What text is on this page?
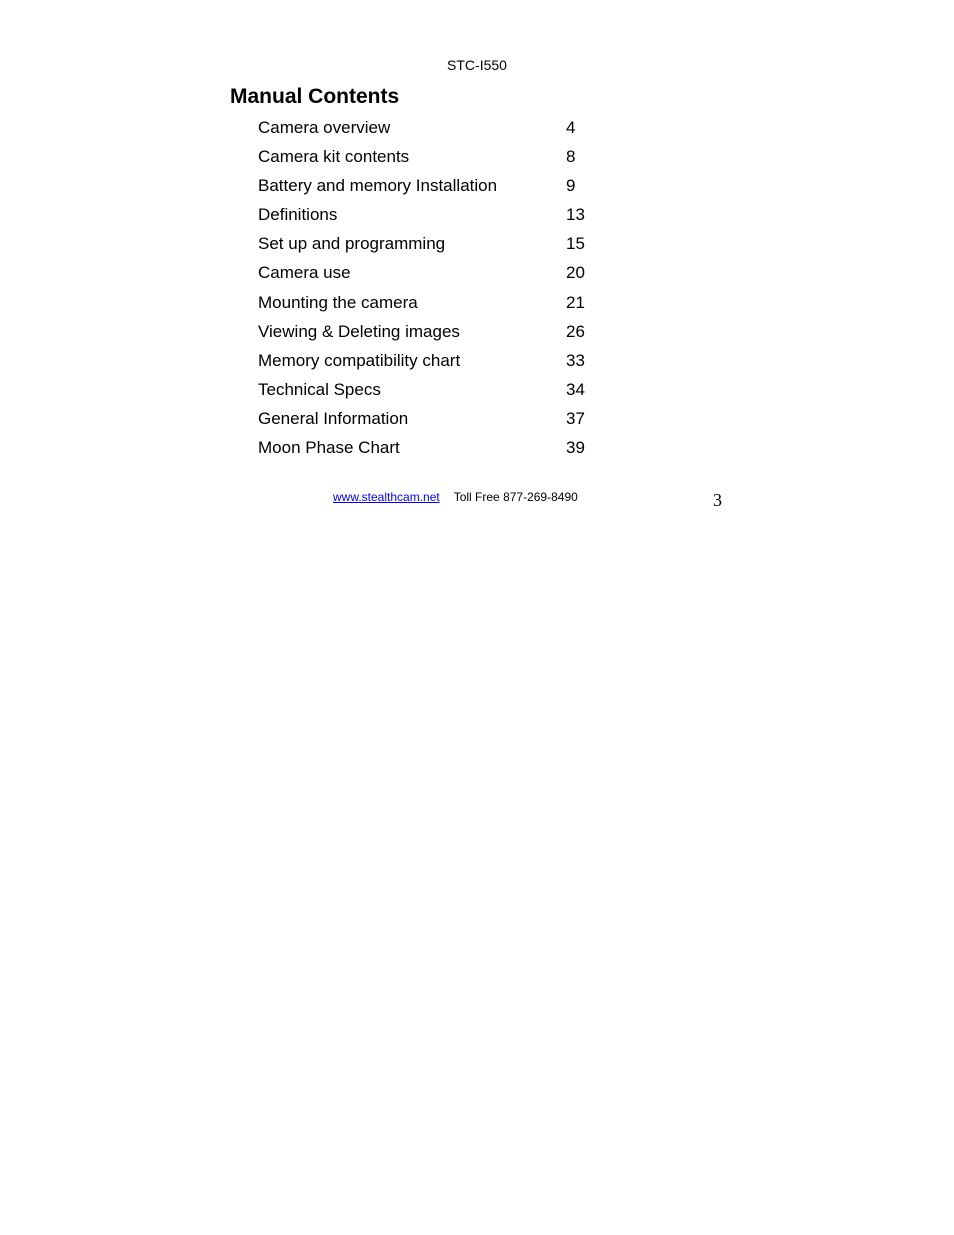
STC-I550
Manual Contents
Camera overview	4
Camera kit contents	8
Battery and memory Installation	9
Definitions	13
Set up and programming	15
Camera use	20
Mounting the camera	21
Viewing & Deleting images	26
Memory compatibility chart	33
Technical Specs	34
General Information	37
Moon Phase Chart	39
www.stealthcam.net Toll Free 877-269-8490	3
